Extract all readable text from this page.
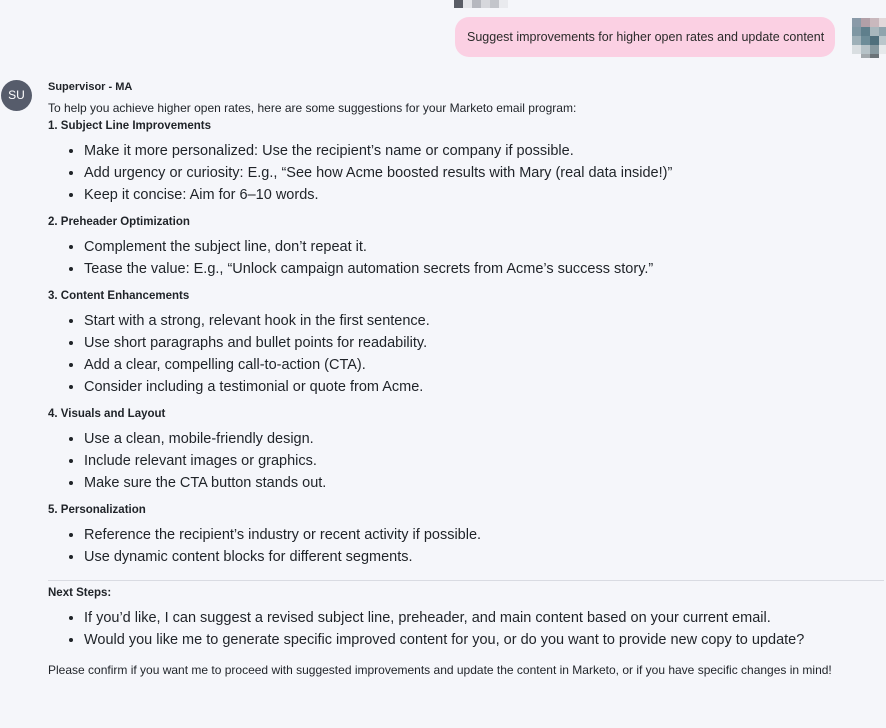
Suggest improvements for higher open rates and update content
SU
Supervisor - MA
To help you achieve higher open rates, here are some suggestions for your Marketo email program:
1. Subject Line Improvements
• Make it more personalized: Use the recipient’s name or company if possible.
• Add urgency or curiosity: E.g., “See how Acme boosted results with Mary (real data inside!)”
• Keep it concise: Aim for 6–10 words.
2. Preheader Optimization
• Complement the subject line, don’t repeat it.
• Tease the value: E.g., “Unlock campaign automation secrets from Acme’s success story.”
3. Content Enhancements
• Start with a strong, relevant hook in the first sentence.
• Use short paragraphs and bullet points for readability.
• Add a clear, compelling call-to-action (CTA).
• Consider including a testimonial or quote from Acme.
4. Visuals and Layout
• Use a clean, mobile-friendly design.
• Include relevant images or graphics.
• Make sure the CTA button stands out.
5. Personalization
• Reference the recipient’s industry or recent activity if possible.
• Use dynamic content blocks for different segments.
Next Steps:
• If you’d like, I can suggest a revised subject line, preheader, and main content based on your current email.
• Would you like me to generate specific improved content for you, or do you want to provide new copy to update?
Please confirm if you want me to proceed with suggested improvements and update the content in Marketo, or if you have specific changes in mind!
